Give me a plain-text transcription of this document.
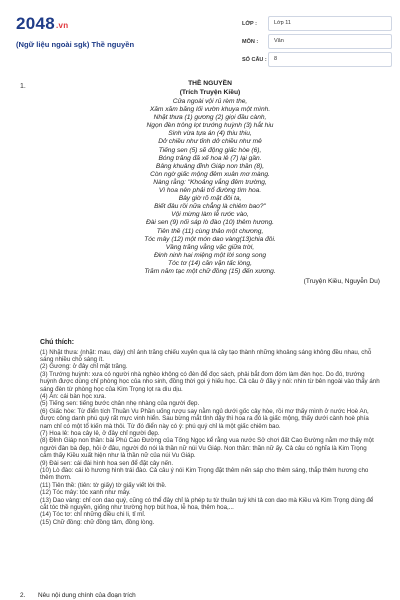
2048.vn
(Ngữ liệu ngoài sgk) Thề nguyền
LỚP :	Lớp 11
MÔN :	Văn
SỐ CÂU :	8
1.	THỀ NGUYỀN
(Trích Truyện Kiều)
Cửa ngoài vội rủ rèm the,
Xăm xăm băng lối vườn khuya một mình.
Nhặt thưa (1) gương (2) giọi đầu cành,
Ngọn đèn trông lọt trướng huỳnh (3) hắt hiu
Sinh vừa tựa án (4) thiu thiu,
Dở chiều như tỉnh dở chiều như mê
Tiếng sen (5) sẽ động giấc hòe (6),
Bóng trăng đã xế hoa lê (7) lại gần.
Bâng khuâng đỉnh Giáp non thần (8),
Còn ngờ giấc mộng đêm xuân mơ màng.
Nàng rằng: "Khoảng vắng đêm trường,
Vì hoa nên phải trổ đường tìm hoa.
Bây giờ rõ mặt đôi ta,
Biết đâu rồi nữa chẳng là chiêm bao?"
Vội mừng làm lễ rước vào,
Đài sen (9) nối sáp lò đào (10) thêm hương.
Tiên thề (11) cùng thảo một chương,
Tóc mây (12) một món dao vàng(13)chia đôi.
Vầng trăng vằng vặc giữa trời,
Đinh ninh hai miệng một lời song song
Tóc tơ (14) căn vặn tấc lòng,
Trăm năm tạc một chữ đồng (15) đến xương.
(Truyện Kiều, Nguyễn Du)
Chú thích:
(1) Nhặt thưa: (nhặt: mau, dày) chỉ ánh trăng chiếu xuyên qua lá cây tạo thành những khoảng sáng không đều nhau, chỗ sáng nhiều chỗ sáng ít.
(2) Gương: ở đây chỉ mặt trăng.
(3) Trướng huỳnh: xưa có người nhà nghèo không có đèn để đọc sách, phải bắt đom đóm làm đèn học. Do đó, trướng huỳnh được dùng chỉ phòng học của nho sinh, đồng thời gọi ý hiếu học. Cả câu ở đây ý nói: nhìn từ bên ngoài vào thấy ánh sáng đèn từ phòng học của Kim Trọng lọt ra dìu dịu.
(4) Án: cái bàn học xưa.
(5) Tiếng sen: tiếng bước chân nhẹ nhàng của người đẹp.
(6) Giấc hòe: Từ điển tích Thuần Vu Phần uống rượu say nằm ngủ dưới gốc cây hòe, rồi mơ thấy mình ở nước Hoè An, được công danh phú quý rất mực vinh hiển. Sau bừng mắt tỉnh dậy thì hoa ra đó là giấc mộng, thấy dưới cành hoè phía nam chỉ có một tổ kiến mà thôi. Từ đó điển này có ý: phú quý chỉ là một giấc chiêm bao.
(7) Hoa lê: hoa cây lê, ở đây chỉ người đẹp.
(8) Đỉnh Giáp non thần: bài Phú Cao Đường của Tống Ngọc kể rằng vua nước Sở chơi đất Cao Đường nằm mơ thấy một người đàn bà đẹp, hỏi ở đâu, người đó nói là thần nữ núi Vu Giáp. Non thần: thần nữ ấy. Cả câu có nghĩa là Kim Trọng cảm thấy Kiều xuất hiện như là thần nữ của núi Vu Giáp.
(9) Đài sen: cái đài hình hoa sen để đặt cây nến.
(10) Lò đào: cái lò hương hình trái đào. Cả câu ý nói Kim Trọng đặt thêm nến sáp cho thêm sáng, thắp thêm hương cho thêm thơm.
(11) Tiên thề: (tiên: tờ giấy) tờ giấy viết lời thề.
(12) Tóc mây: tóc xanh như mây.
(13) Dao vàng: chỉ con dao quý, cũng có thể đây chỉ là phép tu từ thuần tuý khi tả con dao mà Kiều và Kim Trọng dùng để cắt tóc thề nguyền, giống như trường hợp bút hoa, lễ hoa, thêm hoa,...
(14) Tóc tơ: chỉ những điều chi li, tỉ mỉ.
(15) Chữ đồng: chữ đồng tâm, đồng lòng.
2. Nêu nội dung chính của đoạn trích
